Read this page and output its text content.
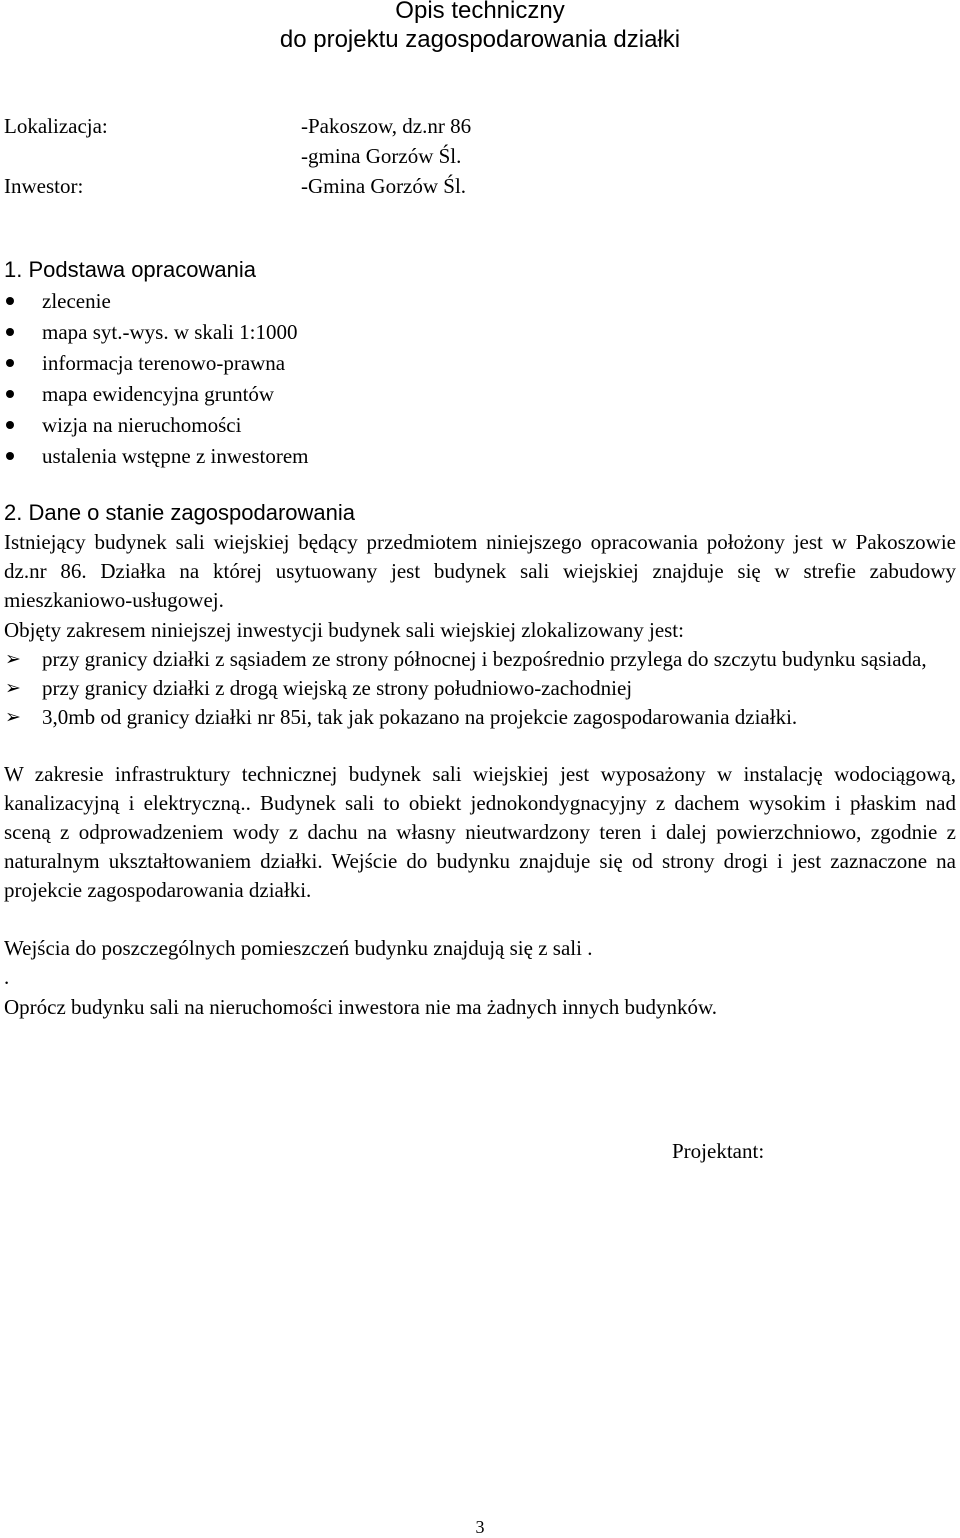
Opis techniczny
do projektu zagospodarowania działki
Lokalizacja:	-Pakoszow, dz.nr 86
-gmina Gorzów Śl.
Inwestor:	-Gmina Gorzów Śl.
1. Podstawa opracowania
zlecenie
mapa syt.-wys. w skali 1:1000
informacja terenowo-prawna
mapa ewidencyjna gruntów
wizja na nieruchomości
ustalenia wstępne z inwestorem
2. Dane o stanie zagospodarowania
Istniejący budynek sali wiejskiej będący przedmiotem niniejszego opracowania położony jest w Pakoszowie dz.nr 86. Działka na której usytuowany jest budynek sali wiejskiej znajduje się w strefie zabudowy mieszkaniowo-usługowej.
Objęty zakresem niniejszej inwestycji budynek sali wiejskiej zlokalizowany jest:
➢ przy granicy działki z sąsiadem ze strony północnej i bezpośrednio przylega do szczytu budynku sąsiada,
➢ przy granicy działki z drogą wiejską ze strony południowo-zachodniej
➢ 3,0mb od granicy działki nr 85i, tak jak pokazano na projekcie zagospodarowania działki.
W zakresie infrastruktury technicznej budynek sali wiejskiej jest wyposażony w instalację wodociągową, kanalizacyjną i elektryczną.. Budynek sali to obiekt jednokondygnacyjny z dachem wysokim i płaskim nad sceną z odprowadzeniem wody z dachu na własny nieutwardzony teren i dalej powierzchniowo, zgodnie z naturalnym ukształtowaniem działki. Wejście do budynku znajduje się od strony drogi i jest zaznaczone na projekcie zagospodarowania działki.
Wejścia do poszczególnych pomieszczeń budynku znajdują się z sali .
.
Oprócz budynku sali na nieruchomości inwestora nie ma żadnych innych budynków.
Projektant:
3
